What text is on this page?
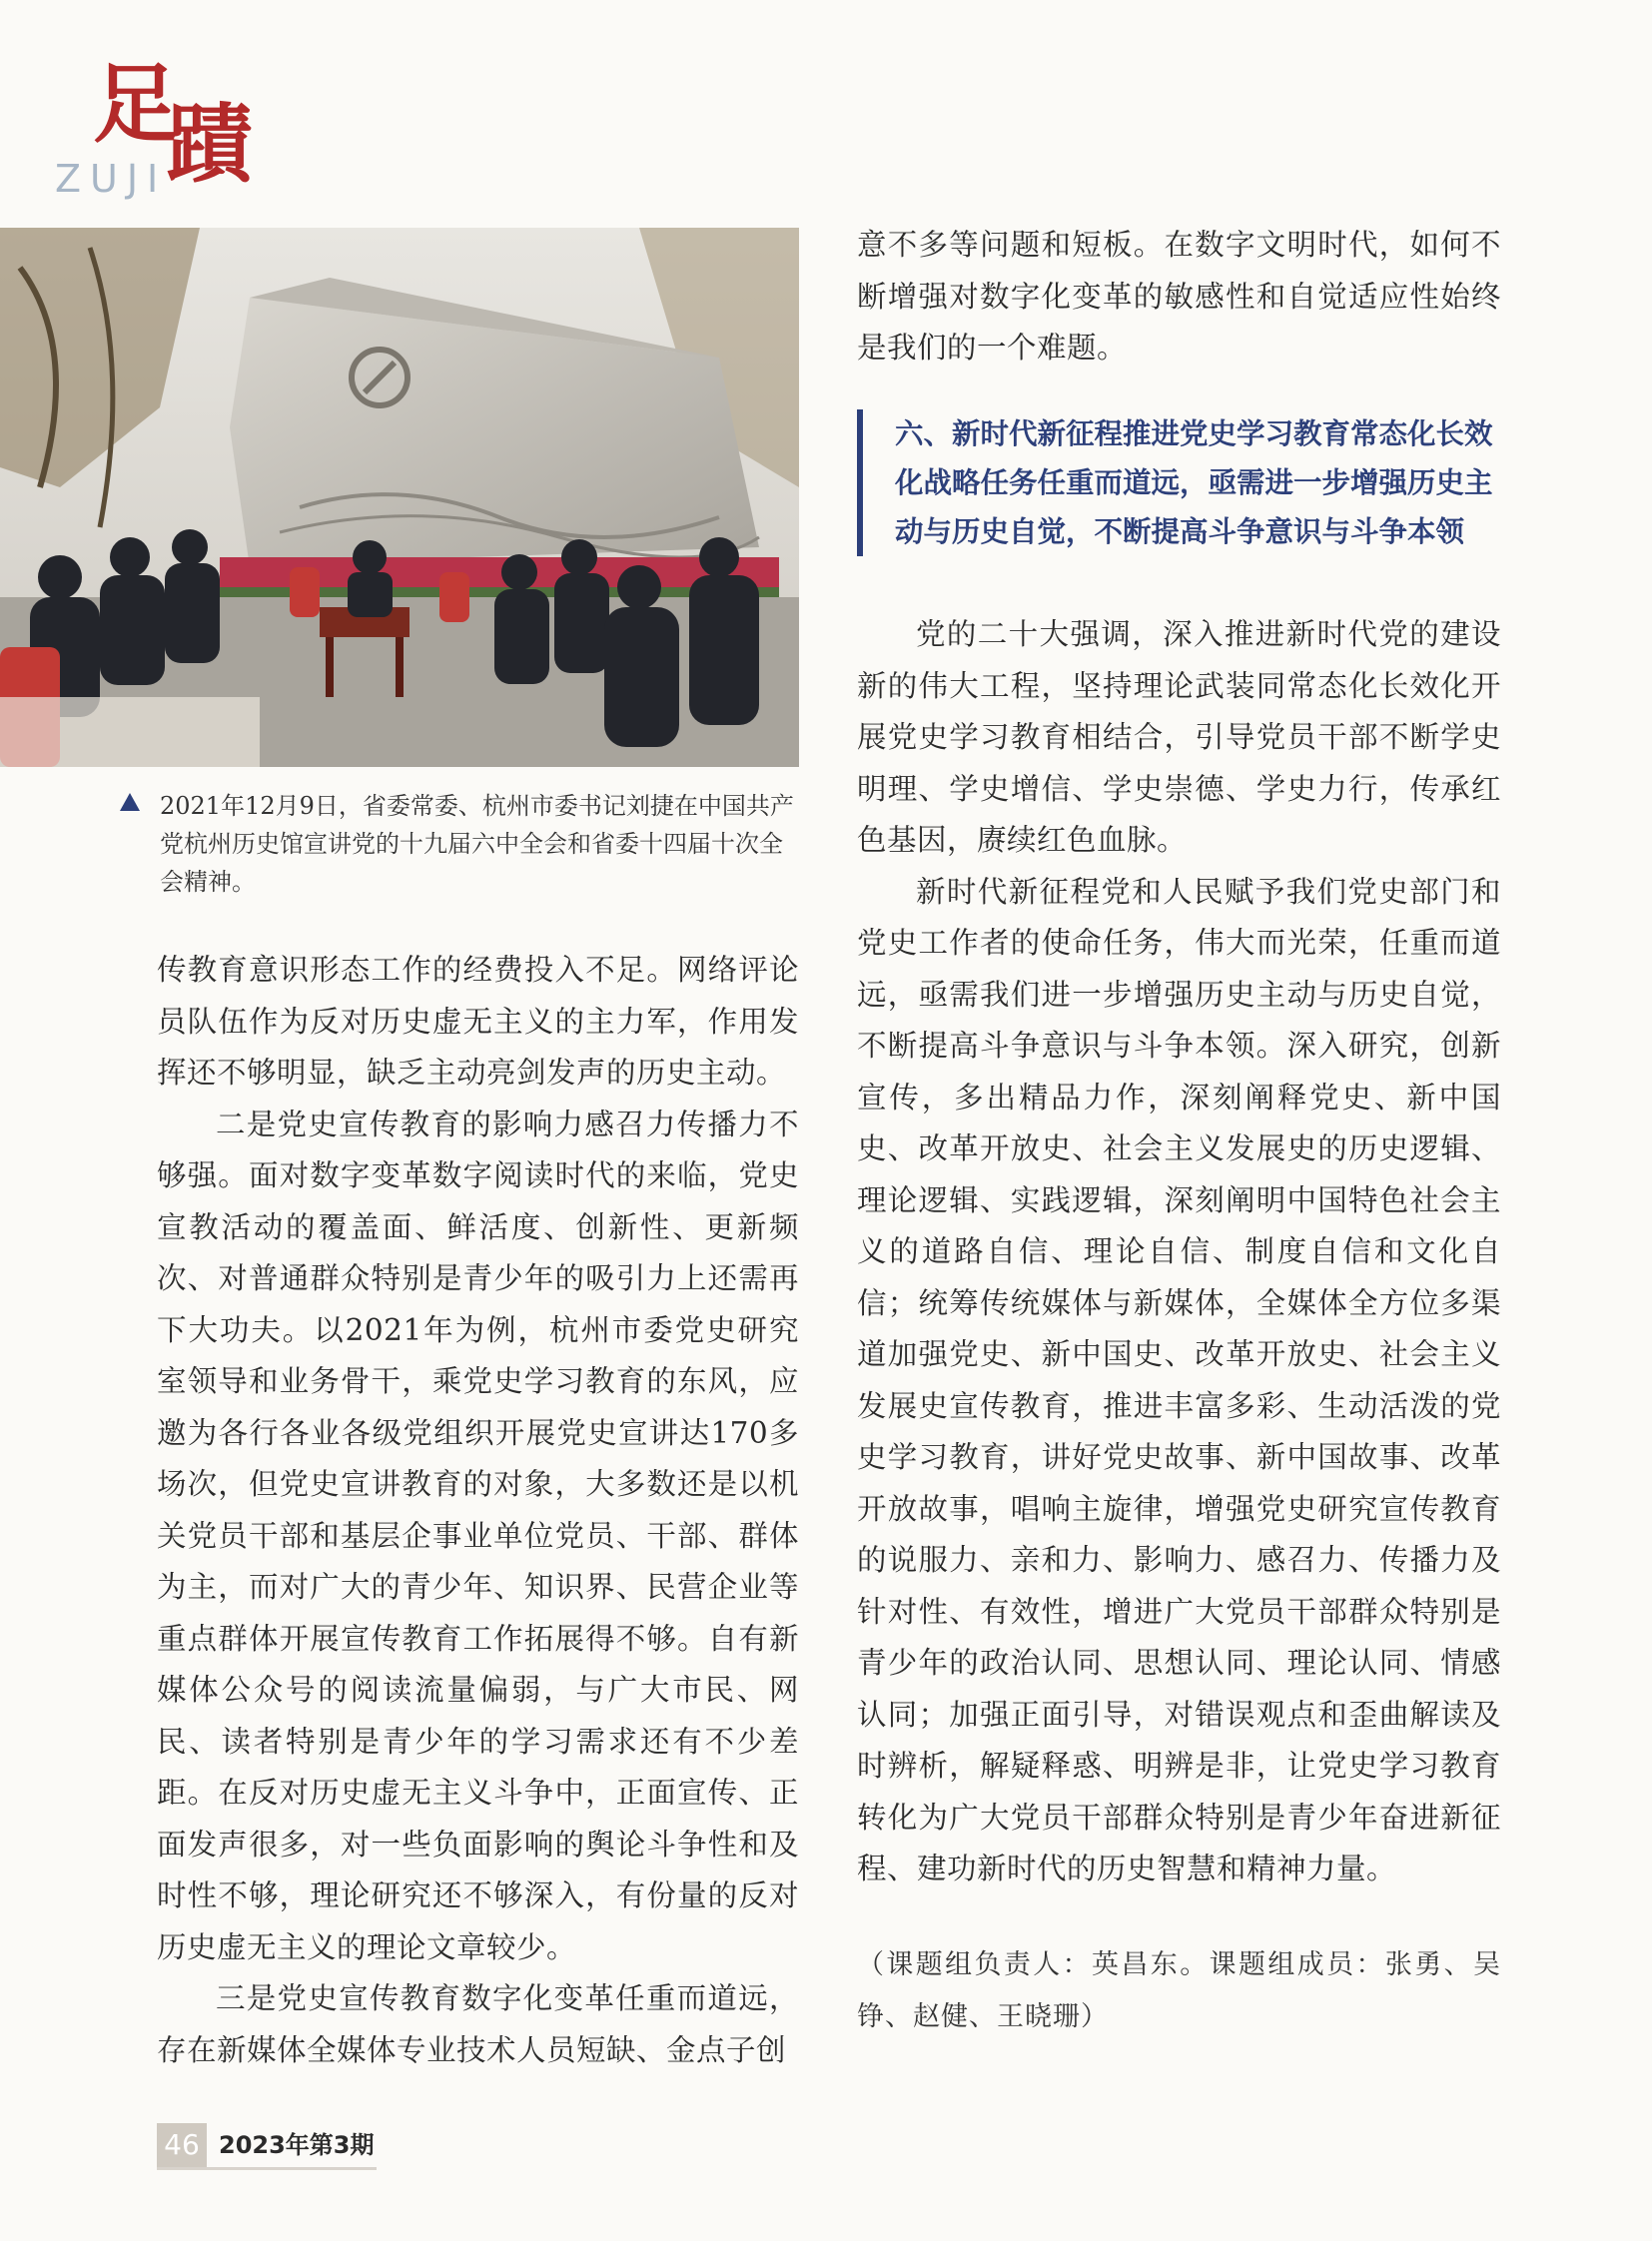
足
蹟
ZUJI
2021年12月9日，省委常委、杭州市委书记刘捷在中国共产党杭州历史馆宣讲党的十九届六中全会和省委十四届十次全会精神。

传教育意识形态工作的经费投入不足。网络评论员队伍作为反对历史虚无主义的主力军，作用发挥还不够明显，缺乏主动亮剑发声的历史主动。

二是党史宣传教育的影响力感召力传播力不够强。面对数字变革数字阅读时代的来临，党史宣教活动的覆盖面、鲜活度、创新性、更新频次、对普通群众特别是青少年的吸引力上还需再下大功夫。以2021年为例，杭州市委党史研究室领导和业务骨干，乘党史学习教育的东风，应邀为各行各业各级党组织开展党史宣讲达170多场次，但党史宣讲教育的对象，大多数还是以机关党员干部和基层企事业单位党员、干部、群体为主，而对广大的青少年、知识界、民营企业等重点群体开展宣传教育工作拓展得不够。自有新媒体公众号的阅读流量偏弱，与广大市民、网民、读者特别是青少年的学习需求还有不少差距。在反对历史虚无主义斗争中，正面宣传、正面发声很多，对一些负面影响的舆论斗争性和及时性不够，理论研究还不够深入，有份量的反对历史虚无主义的理论文章较少。

三是党史宣传教育数字化变革任重而道远，存在新媒体全媒体专业技术人员短缺、金点子创

意不多等问题和短板。在数字文明时代，如何不断增强对数字化变革的敏感性和自觉适应性始终是我们的一个难题。

六、新时代新征程推进党史学习教育常态化长效化战略任务任重而道远，亟需进一步增强历史主动与历史自觉，不断提高斗争意识与斗争本领

党的二十大强调，深入推进新时代党的建设新的伟大工程，坚持理论武装同常态化长效化开展党史学习教育相结合，引导党员干部不断学史明理、学史增信、学史崇德、学史力行，传承红色基因，赓续红色血脉。

新时代新征程党和人民赋予我们党史部门和党史工作者的使命任务，伟大而光荣，任重而道远，亟需我们进一步增强历史主动与历史自觉，不断提高斗争意识与斗争本领。深入研究，创新宣传，多出精品力作，深刻阐释党史、新中国史、改革开放史、社会主义发展史的历史逻辑、理论逻辑、实践逻辑，深刻阐明中国特色社会主义的道路自信、理论自信、制度自信和文化自信；统筹传统媒体与新媒体，全媒体全方位多渠道加强党史、新中国史、改革开放史、社会主义发展史宣传教育，推进丰富多彩、生动活泼的党史学习教育，讲好党史故事、新中国故事、改革开放故事，唱响主旋律，增强党史研究宣传教育的说服力、亲和力、影响力、感召力、传播力及针对性、有效性，增进广大党员干部群众特别是青少年的政治认同、思想认同、理论认同、情感认同；加强正面引导，对错误观点和歪曲解读及时辨析，解疑释惑、明辨是非，让党史学习教育转化为广大党员干部群众特别是青少年奋进新征程、建功新时代的历史智慧和精神力量。

（课题组负责人：英昌东。课题组成员：张勇、吴铮、赵健、王晓珊）
46 2023年第3期
